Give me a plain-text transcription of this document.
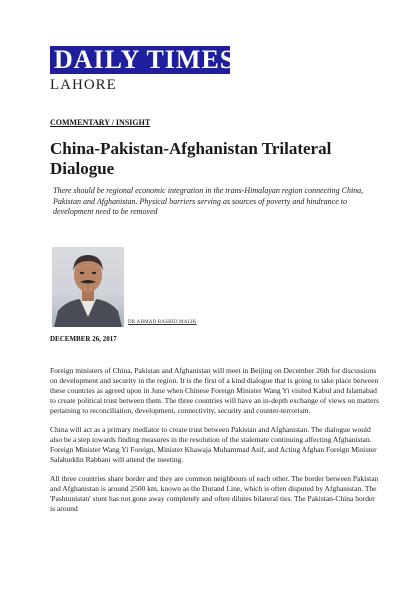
DAILY TIMES
LAHORE
COMMENTARY / INSIGHT
China-Pakistan-Afghanistan Trilateral Dialogue
There should be regional economic integration in the trans-Himalayan region connecting China, Pakistan and Afghanistan. Physical barriers serving as sources of poverty and hindrance to development need to be removed
DR AHMAD RASHID MALIK
DECEMBER 26, 2017

Foreign ministers of China, Pakistan and Afghanistan will meet in Beijing on December 26th for discussions on development and security in the region. It is the first of a kind dialogue that is going to take place between these countries as agreed upon in June when Chinese Foreign Minister Wang Yi visited Kabul and Islamabad to create political trust between them. The three countries will have an in-depth exchange of views on matters pertaining to reconciliation, development, connectivity, security and counter-terrorism.

China will act as a primary mediator to create trust between Pakistan and Afghanistan. The dialogue would also be a step towards finding measures in the resolution of the stalemate continuing affecting Afghanistan. Foreign Minister Wang Yi Foreign, Minister Khawaja Muhammad Asif, and Acting Afghan Foreign Minister Salahuddin Rabbani will attend the meeting.

All three countries share border and they are common neighbours of each other. The border between Pakistan and Afghanistan is around 2500 km, known as the Durand Line, which is often disputed by Afghanistan. The 'Pashtunistan' stunt has not gone away completely and often dilutes bilateral ties. The Pakistan-China border is around
